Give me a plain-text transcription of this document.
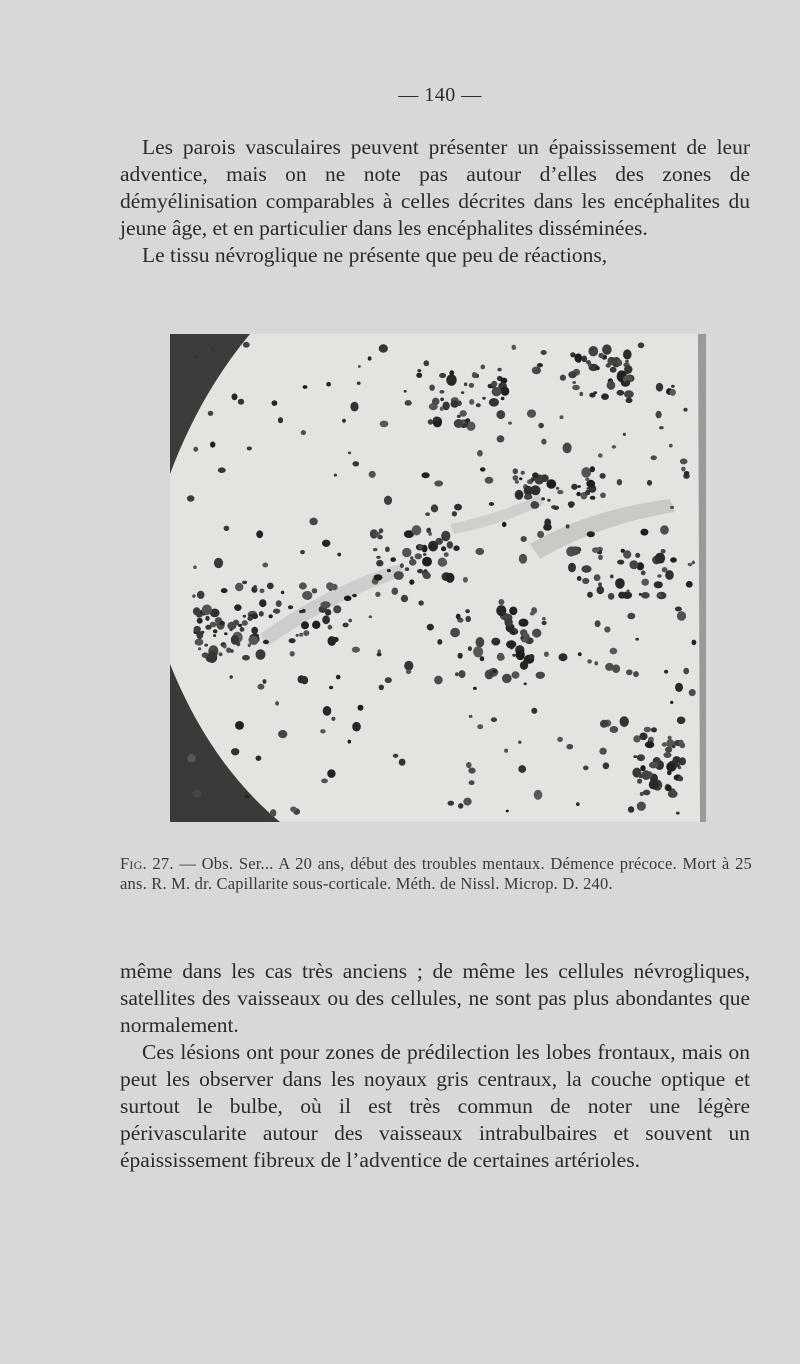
— 140 —

Les parois vasculaires peuvent présenter un épaississement de leur adventice, mais on ne note pas autour d’elles des zones de démyélinisation comparables à celles décrites dans les encéphalites du jeune âge, et en particulier dans les encéphalites disséminées.

Le tissu névroglique ne présente que peu de réactions,

Fig. 27. — Obs. Ser... A 20 ans, début des troubles mentaux. Démence précoce. Mort à 25 ans. R. M. dr. Capillarite sous-corticale. Méth. de Nissl. Microp. D. 240.

même dans les cas très anciens ; de même les cellules névrogliques, satellites des vaisseaux ou des cellules, ne sont pas plus abondantes que normalement.

Ces lésions ont pour zones de prédilection les lobes frontaux, mais on peut les observer dans les noyaux gris centraux, la couche optique et surtout le bulbe, où il est très commun de noter une légère périvascularite autour des vaisseaux intrabulbaires et souvent un épaississement fibreux de l’adventice de certaines artérioles.
